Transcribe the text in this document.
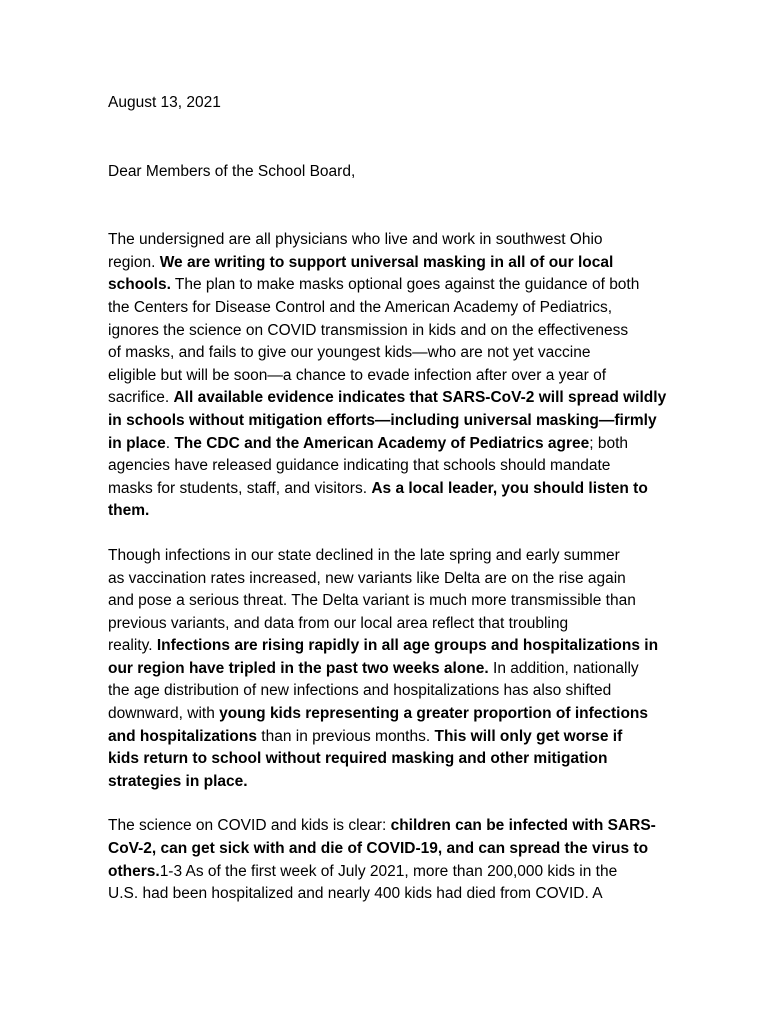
August 13, 2021

Dear Members of the School Board,

The undersigned are all physicians who live and work in southwest Ohio
region. We are writing to support universal masking in all of our local
schools. The plan to make masks optional goes against the guidance of both
the Centers for Disease Control and the American Academy of Pediatrics,
ignores the science on COVID transmission in kids and on the effectiveness
of masks, and fails to give our youngest kids—who are not yet vaccine
eligible but will be soon—a chance to evade infection after over a year of
sacrifice. All available evidence indicates that SARS-CoV-2 will spread wildly
in schools without mitigation efforts—including universal masking—firmly
in place. The CDC and the American Academy of Pediatrics agree; both
agencies have released guidance indicating that schools should mandate
masks for students, staff, and visitors. As a local leader, you should listen to
them.
Though infections in our state declined in the late spring and early summer
as vaccination rates increased, new variants like Delta are on the rise again
and pose a serious threat. The Delta variant is much more transmissible than
previous variants, and data from our local area reflect that troubling
reality. Infections are rising rapidly in all age groups and hospitalizations in
our region have tripled in the past two weeks alone. In addition, nationally
the age distribution of new infections and hospitalizations has also shifted
downward, with young kids representing a greater proportion of infections
and hospitalizations than in previous months. This will only get worse if
kids return to school without required masking and other mitigation
strategies in place.
The science on COVID and kids is clear: children can be infected with SARS-
CoV-2, can get sick with and die of COVID-19, and can spread the virus to
others.1-3 As of the first week of July 2021, more than 200,000 kids in the
U.S. had been hospitalized and nearly 400 kids had died from COVID. A
